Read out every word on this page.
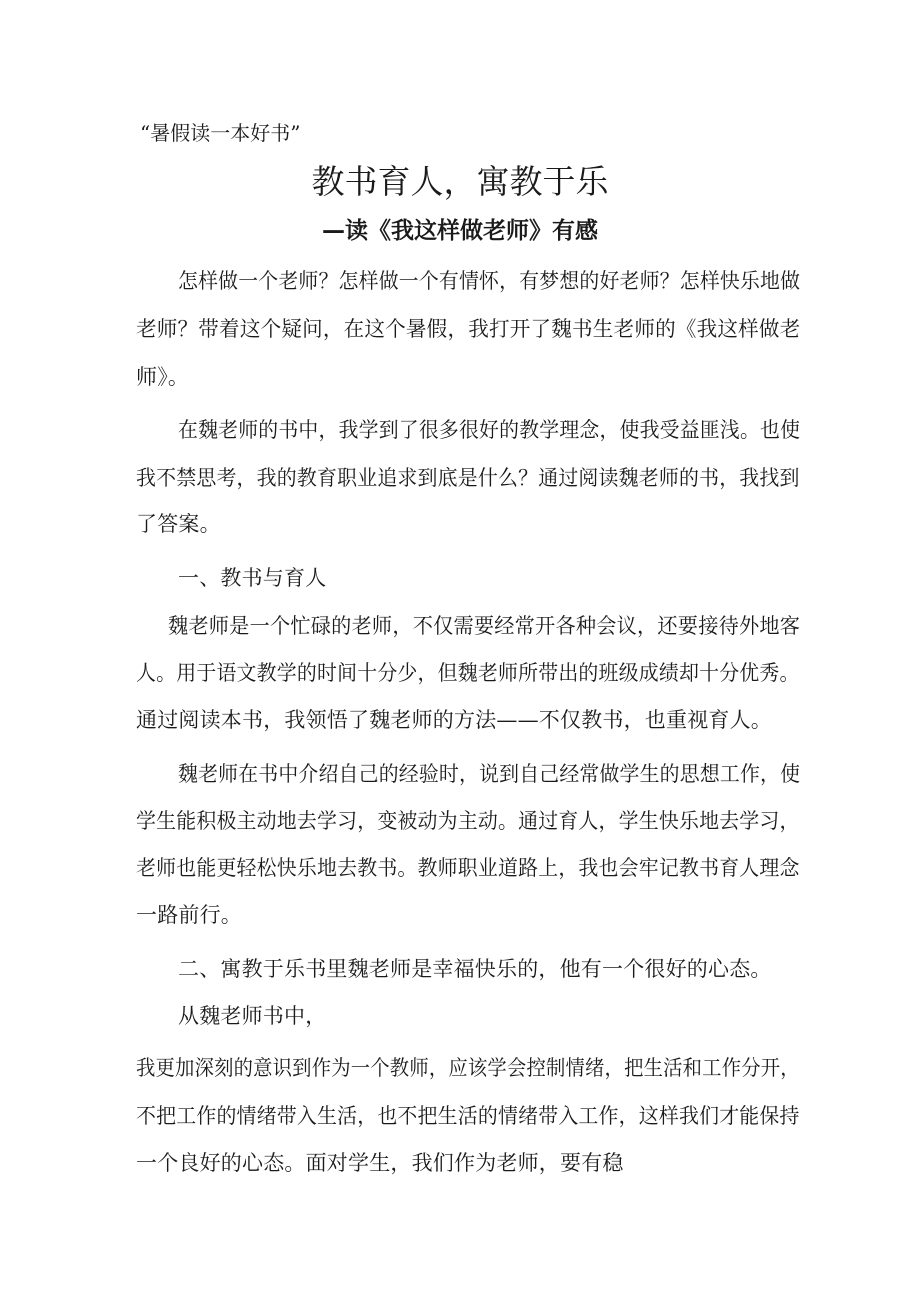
“暑假读一本好书”
教书育人，寓教于乐
—读《我这样做老师》有感
怎样做一个老师？怎样做一个有情怀，有梦想的好老师？怎样快乐地做
老师？带着这个疑问，在这个暑假，我打开了魏书生老师的《我这样做老
师》。
在魏老师的书中，我学到了很多很好的教学理念，使我受益匪浅。也使
我不禁思考，我的教育职业追求到底是什么？通过阅读魏老师的书，我找到
了答案。
一、教书与育人
魏老师是一个忙碌的老师，不仅需要经常开各种会议，还要接待外地客
人。用于语文教学的时间十分少，但魏老师所带出的班级成绩却十分优秀。
通过阅读本书，我领悟了魏老师的方法——不仅教书，也重视育人。
魏老师在书中介绍自己的经验时，说到自己经常做学生的思想工作，使
学生能积极主动地去学习，变被动为主动。通过育人，学生快乐地去学习，
老师也能更轻松快乐地去教书。教师职业道路上，我也会牢记教书育人理念
一路前行。
二、寓教于乐书里魏老师是幸福快乐的，他有一个很好的心态。
从魏老师书中，
我更加深刻的意识到作为一个教师，应该学会控制情绪，把生活和工作分开，
不把工作的情绪带入生活，也不把生活的情绪带入工作，这样我们才能保持
一个良好的心态。面对学生，我们作为老师，要有稳
